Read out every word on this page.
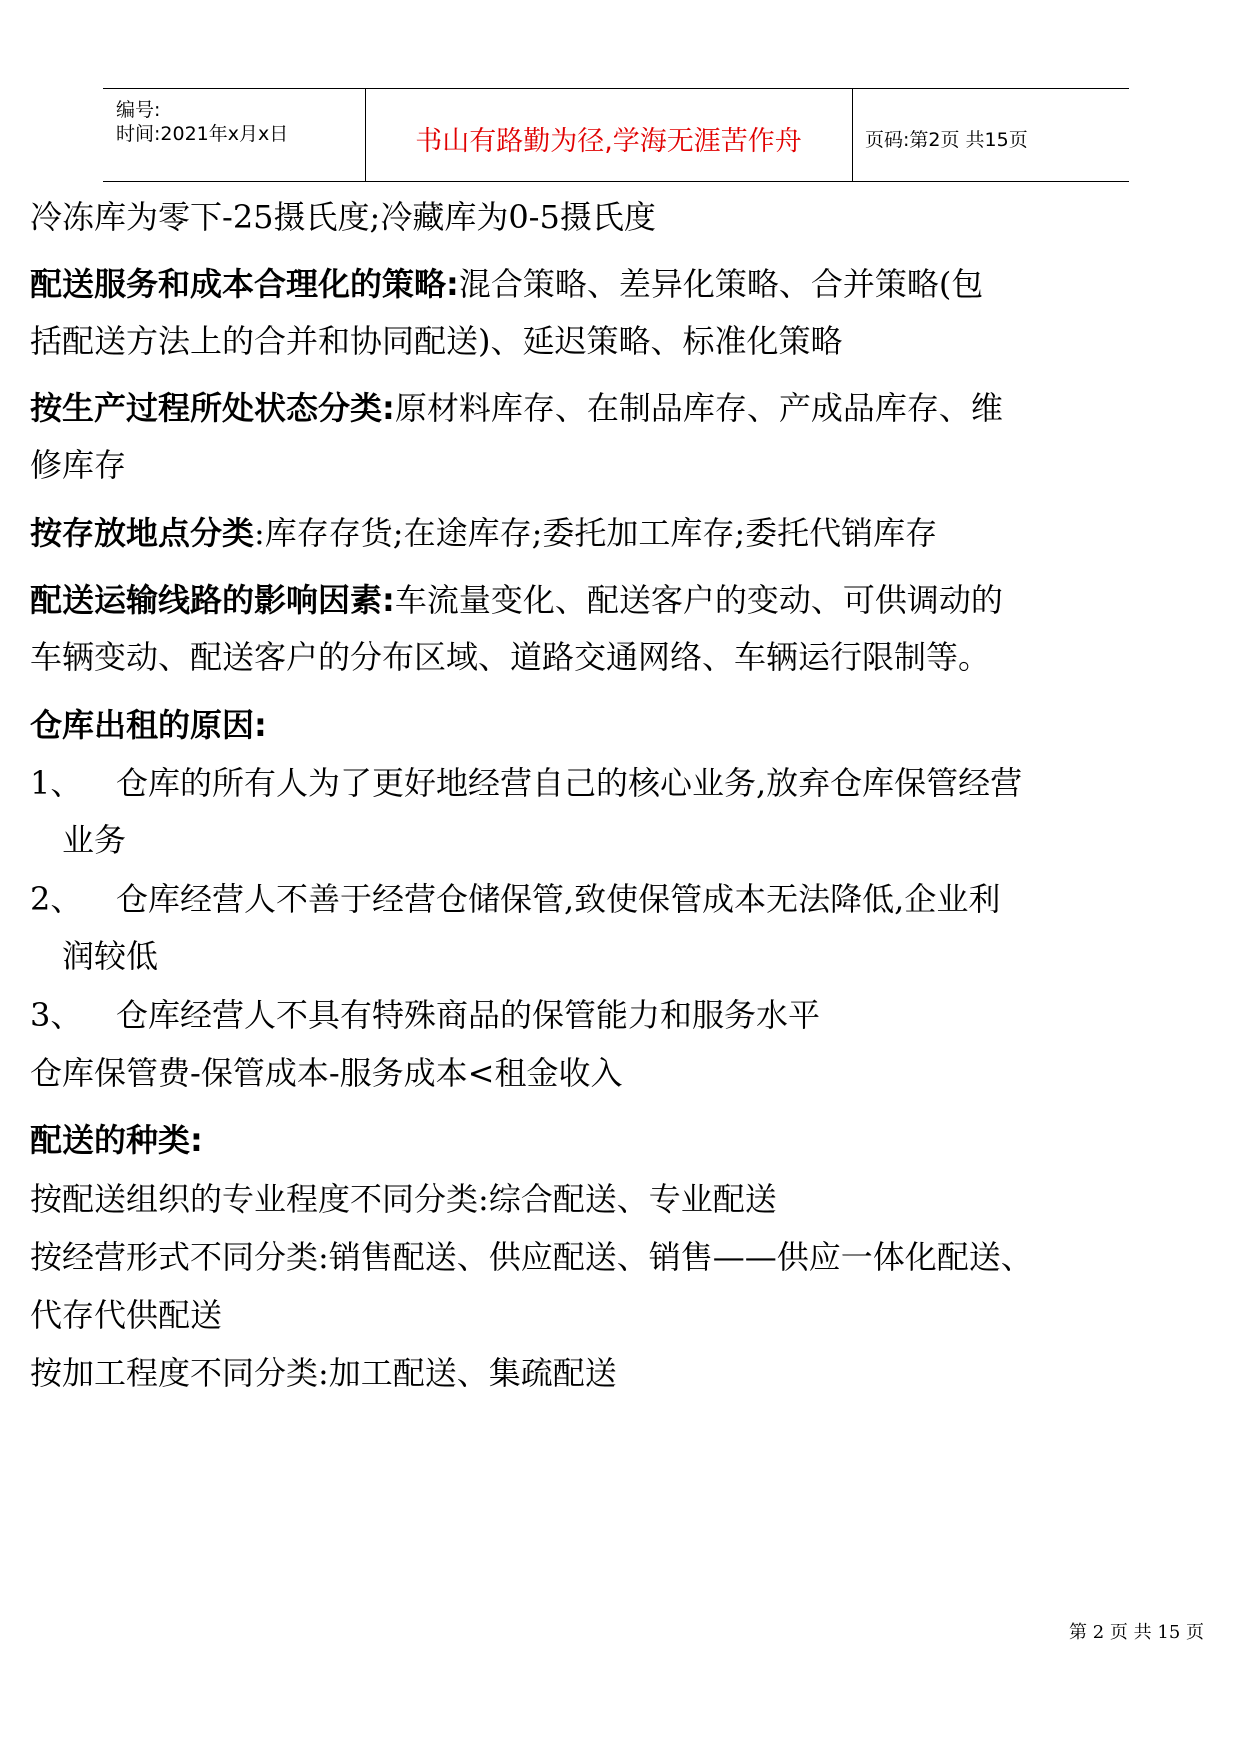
编号:
时间:2021年x月x日	书山有路勤为径,学海无涯苦作舟	页码:第2页 共15页
冷冻库为零下-25摄氏度;冷藏库为0-5摄氏度
配送服务和成本合理化的策略:混合策略、差异化策略、合并策略(包
括配送方法上的合并和协同配送)、延迟策略、标准化策略
按生产过程所处状态分类:原材料库存、在制品库存、产成品库存、维
修库存
按存放地点分类:库存存货;在途库存;委托加工库存;委托代销库存
配送运输线路的影响因素:车流量变化、配送客户的变动、可供调动的
车辆变动、配送客户的分布区域、道路交通网络、车辆运行限制等。
仓库出租的原因:
1、 仓库的所有人为了更好地经营自己的核心业务,放弃仓库保管经营
业务
2、 仓库经营人不善于经营仓储保管,致使保管成本无法降低,企业利
润较低
3、 仓库经营人不具有特殊商品的保管能力和服务水平
仓库保管费-保管成本-服务成本<租金收入
配送的种类:
按配送组织的专业程度不同分类:综合配送、专业配送
按经营形式不同分类:销售配送、供应配送、销售——供应一体化配送、
代存代供配送
按加工程度不同分类:加工配送、集疏配送
第 2 页 共 15 页
